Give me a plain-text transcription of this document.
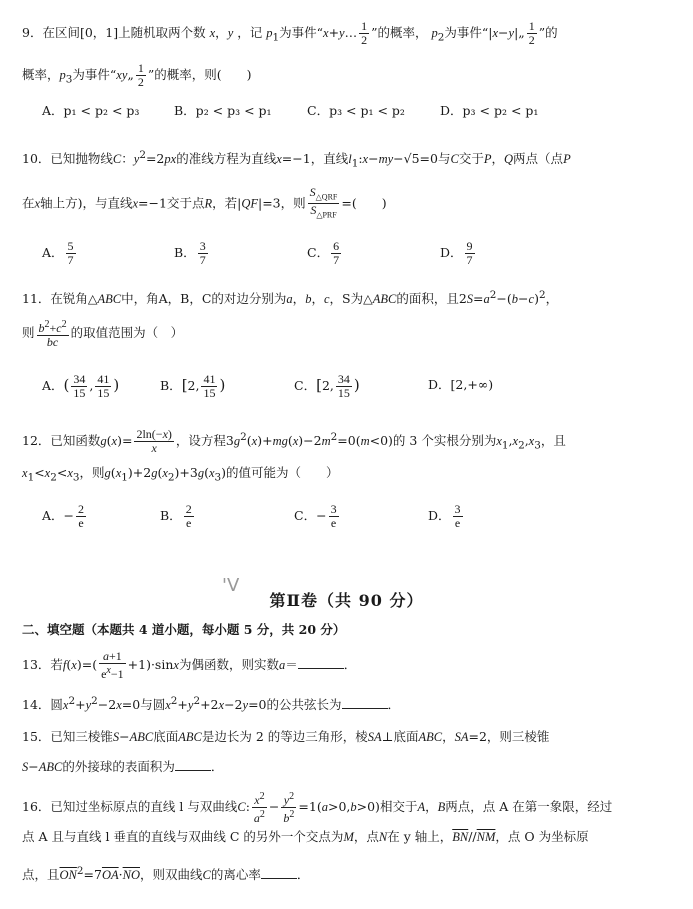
9．在区间[0，1]上随机取两个数 x，y ，记 $p_1$为事件“x+y… $\frac{1}{2}$ ”的概率， $p_2$为事件“|x−y|„ $\frac{1}{2}$ ”的
概率，$p_3$为事件“xy„ $\frac{1}{2}$ ”的概率，则(　　)
A．p₁ < p₂ < p₃	B．p₂ < p₃ < p₁	C．p₃ < p₁ < p₂	D．p₃ < p₂ < p₁
10．已知抛物线C：$y^2=2px$的准线方程为直线x=−1，直线$l_1:x-my-√5=0$与C交于P，Q两点（点P
在x轴上方)，与直线x=−1交于点R，若|QF|=3，则 $\frac{S_{\triangle QRF}}{S_{\triangle PRF}}$ =(　　)
A． $\frac{5}{7}$	B． $\frac{3}{7}$	C． $\frac{6}{7}$	D． $\frac{9}{7}$
11．在锐角△ABC中，角A，B，C的对边分别为a，b，c，S为△ABC的面积，且$2S=a^2-(b-c)^2$，
则 $\frac{b^2+c^2}{bc}$ 的取值范围为（　）
A．( $\frac{34}{15}$ , $\frac{41}{15}$ )	B．[2, $\frac{41}{15}$ )	C．[2, $\frac{34}{15}$ )	D．[2,+∞)
12．已知函数$g(x)= \frac{2\ln(-x)}{x}$ ，设方程$3g^2(x)+mg(x)-2m^2=0(m<0)$的 3 个实根分别为$x_1,x_2,x_3$，且
$x_1<x_2<x_3$，则$g(x_1)+2g(x_2)+3g(x_3)$的值可能为（　　）
A．− $\frac{2}{e}$	B． $\frac{2}{e}$	C．− $\frac{3}{e}$	D． $\frac{3}{e}$
'V
第Ⅱ卷（共 90 分）
二、填空题（本题共 4 道小题，每小题 5 分，共 20 分）
13．若$f(x)=( \frac{a+1}{e^x-1} +1)\cdot\sin x$为偶函数，则实数a＝	．
14．圆$x^2+y^2-2x=0$与圆$x^2+y^2+2x-2y=0$的公共弦长为	．
15．已知三棱锥S−ABC底面ABC是边长为 2 的等边三角形，棱SA⊥底面ABC，SA=2，则三棱锥
S−ABC的外接球的表面积为	．
16．已知过坐标原点的直线 l 与双曲线C: $\frac{x^2}{a^2} - \frac{y^2}{b^2} =1(a>0,b>0)$相交于A，B两点，点 A 在第一象限，经过
点 A 且与直线 l 垂直的直线与双曲线 C 的另外一个交点为M，点N在 y 轴上，$\overline{BN}//\overline{NM}$，点 O 为坐标原
点，且$\overline{ON}^2=7\overline{OA}\cdot\overline{NO}$，则双曲线C的离心率	．
